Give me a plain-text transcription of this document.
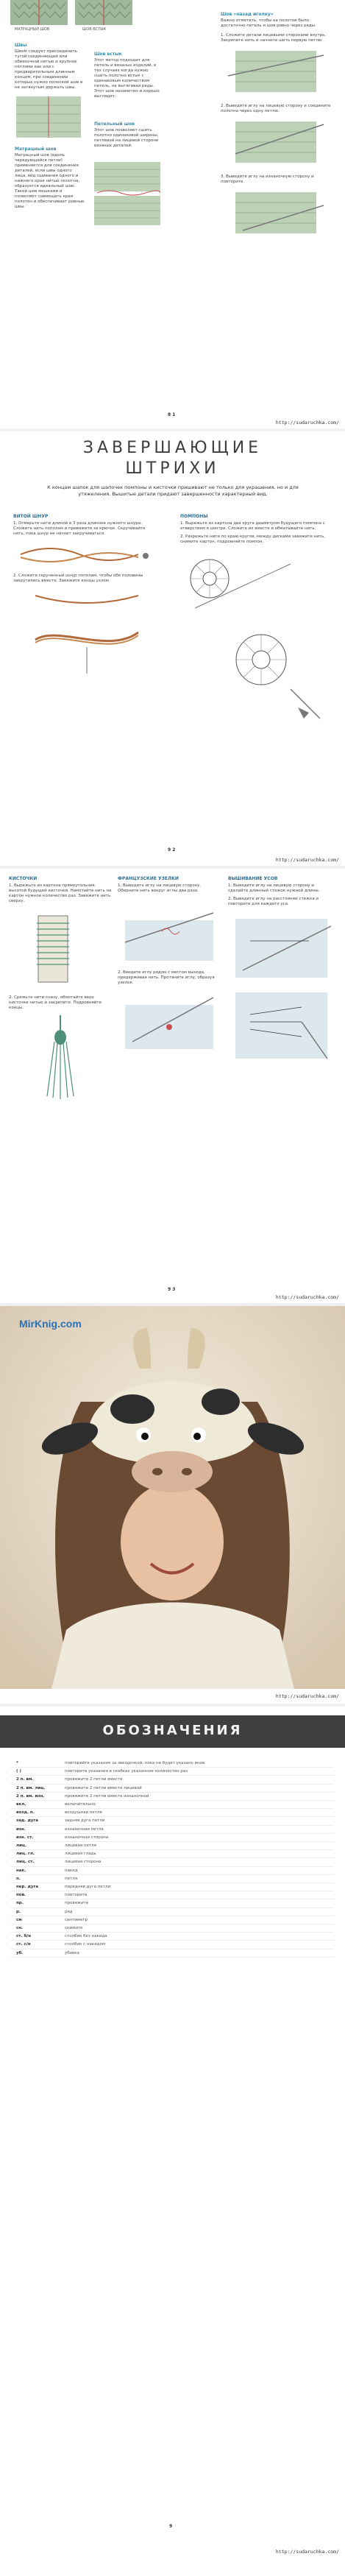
МАТРАЦНЫЙ ШОВ	ШОВ ВСТЫК
Швы
Швом следует присоединить тугой соединяющей или обвязочной нитью и крупное петлями как или с предварительным длинным концом, при соединении которых нужно полоской шов и не затянутым держать швы.
Матрацный шов
Матрацный шов (вдоль чередующейся петли) применяется для соединения деталей, если швы одного лица, вид сшивания одного и нижнего края нитью полотна, образуется идеальный шов. Такой шов мешками и позволяет совмещать края полотен и обеспечивает ровные швы.
Шов встык
Этот метод подходит для петель и вязаных изделий, в тех случаях когда нужно сшить полотно встык с одинаковым количеством петель, не вытягивая ряды. Этот шов незаметен и хорошо выглядит.
Петельный шов
Этот шов позволяет сшить полотно одинаковой ширины, петлевой на лицевой стороне вязаных деталей.
Шов «назад иголку»
Важно отметить, чтобы на полотне было достаточно петель и шов ровно через ряды.
1. Сложите детали лицевыми сторонами внутрь. Закрепите нить и начните шить первую петлю.
2. Выведите иглу на лицевую сторону и соедините полотна через одну петлю.
3. Выведите иглу на изнаночную сторону и повторите.
8 1
http://sudaruchka.com/
ЗАВЕРШАЮЩИЕ
ШТРИХИ
К концам шапок для шапочек помпоны и кисточки пришивают не только для украшения, но и для утяжеления. Вышитые детали придают завершенности характерный вид.
ВИТОЙ ШНУР
1. Отмерьте нити длиной в 3 раза длиннее нужного шнура. Сложите нить пополам и привяжите за крючок. Скручивайте нить, пока шнур не начнет закручиваться.
2. Сложите скрученный шнур пополам, чтобы обе половины закрутились вместе. Завяжите концы узлом.
ПОМПОНЫ
1. Вырежьте из картона два круга диаметром будущего помпона с отверстием в центре. Сложите их вместе и обматывайте нить.
2. Разрежьте нити по краю кругов, между дисками завяжите нить, снимите картон, подровняйте помпон.
9 2
http://sudaruchka.com/
КИСТОЧКИ
1. Вырежьте из картона прямоугольник высотой будущей кисточки. Намотайте нить на картон нужное количество раз. Завяжите нить сверху.
2. Срежьте нити снизу, обмотайте верх кисточки нитью и закрепите. Подровняйте концы.
ФРАНЦУЗСКИЕ УЗЕЛКИ
1. Выведите иглу на лицевую сторону. Оберните нить вокруг иглы два раза.
2. Введите иглу рядом с местом выхода, придерживая нить. Протяните иглу, образуя узелок.
ВЫШИВАНИЕ УСОВ
1. Выведите иглу на лицевую сторону и сделайте длинный стежок нужной длины.
2. Выведите иглу на расстоянии стежка и повторите для каждого уса.
9 3
http://sudaruchka.com/
MirKnig.com
http://sudaruchka.com/
ОБОЗНАЧЕНИЯ
*	повторяйте указания за звездочкой, пока не будет указано иное
( )	повторите указания в скобках указанное количество раз
2 п. вм.	провяжите 2 петли вместе
2 п. вм. лиц.	провяжите 2 петли вместе лицевой
2 п. вм. изн.	провяжите 2 петли вместе изнаночной
вкл.	включительно
возд. п.	воздушная петля
зад. дуга	задняя дуга петли
изн.	изнаночная петля
изн. ст.	изнаночная сторона
лиц.	лицевая петля
лиц. гл.	лицевая гладь
лиц. ст.	лицевая сторона
нак.	накид
п.	петля
пер. дуга	передняя дуга петли
пов.	повторите
пр.	провяжите
р.	ряд
см	сантиметр
сн.	снимите
ст. б/н	столбик без накида
ст. с/н	столбик с накидом
уб.	убавка
9
http://sudaruchka.com/
